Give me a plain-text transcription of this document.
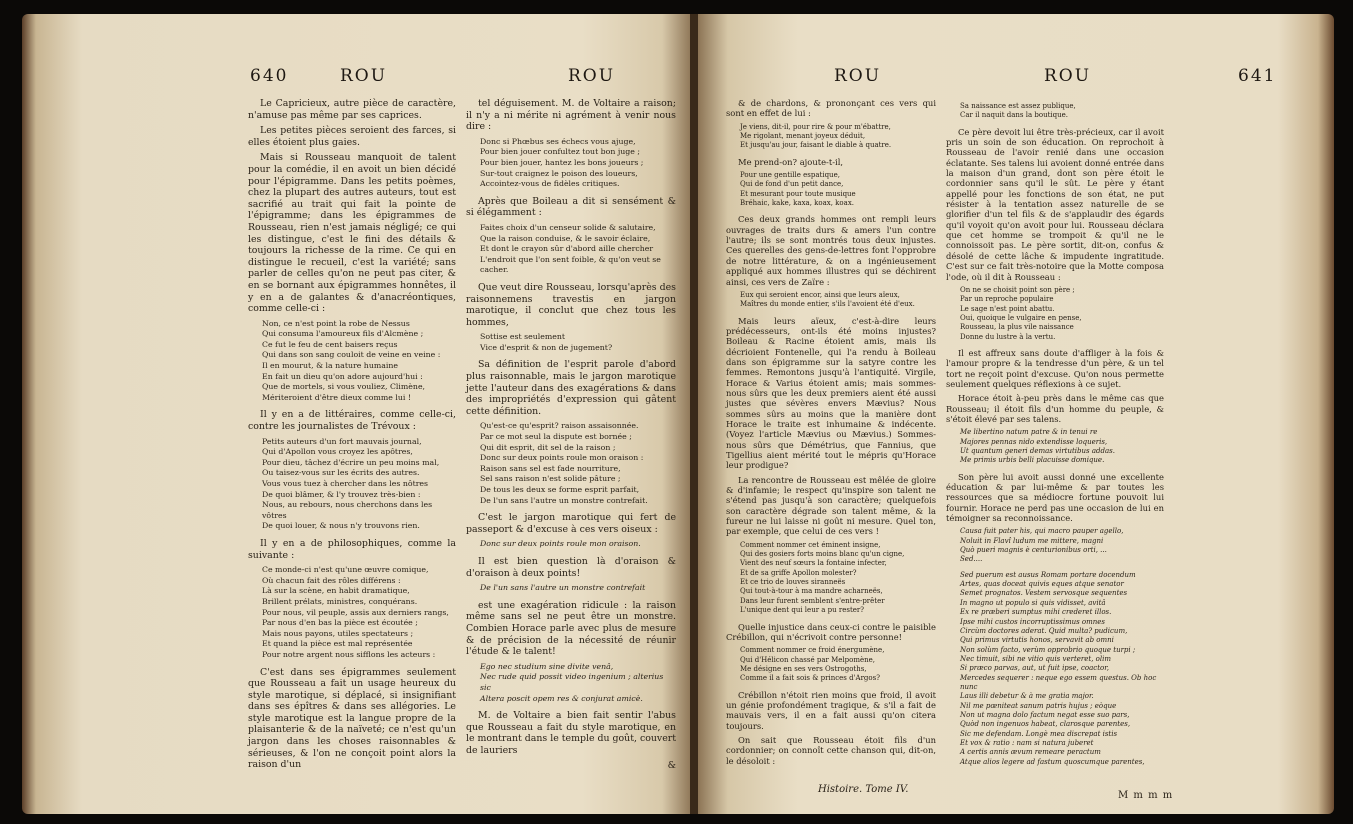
640	ROU	ROU

Le Capricieux, autre pièce de caractère, n'amuse pas même par ses caprices.

Les petites pièces seroient des farces, si elles étoient plus gaies.

Mais si Rousseau manquoit de talent pour la comédie, il en avoit un bien décidé pour l'épigramme. Dans les petits poèmes, chez la plupart des autres auteurs, tout est sacrifié au trait qui fait la pointe de l'épigramme; dans les épigrammes de Rousseau, rien n'est jamais négligé; ce qui les distingue, c'est le fini des détails & toujours la richesse de la rime. Ce qui en distingue le recueil, c'est la variété; sans parler de celles qu'on ne peut pas citer, & en se bornant aux épigrammes honnêtes, il y en a de galantes & d'anacréontiques, comme celle-ci :

Non, ce n'est point la robe de Nessus
Qui consuma l'amoureux fils d'Alcmène ;
Ce fut le feu de cent baisers reçus
Qui dans son sang couloit de veine en veine :
Il en mourut, & la nature humaine
En fait un dieu qu'on adore aujourd'hui :
Que de mortels, si vous vouliez, Climène,
Mériteroient d'être dieux comme lui !

Il y en a de littéraires, comme celle-ci, contre les journalistes de Trévoux :

Petits auteurs d'un fort mauvais journal,
Qui d'Apollon vous croyez les apôtres,
Pour dieu, tâchez d'écrire un peu moins mal,
Ou taisez-vous sur les écrits des autres.
Vous vous tuez à chercher dans les nôtres
De quoi blâmer, & l'y trouvez très-bien :
Nous, au rebours, nous cherchons dans les vôtres
De quoi louer, & nous n'y trouvons rien.

Il y en a de philosophiques, comme la suivante :

Ce monde-ci n'est qu'une œuvre comique,
Où chacun fait des rôles différens :
Là sur la scène, en habit dramatique,
Brillent prélats, ministres, conquérans.
Pour nous, vil peuple, assis aux derniers rangs,
Par nous d'en bas la pièce est écoutée ;
Mais nous payons, utiles spectateurs ;
Et quand la pièce est mal représentée
Pour notre argent nous sifflons les acteurs :

C'est dans ses épigrammes seulement que Rousseau a fait un usage heureux du style marotique, si déplacé, si insignifiant dans ses épîtres & dans ses allégories. Le style marotique est la langue propre de la plaisanterie & de la naïveté; ce n'est qu'un jargon dans les choses raisonnables & sérieuses, & l'on ne conçoit point alors la raison d'un

tel déguisement. M. de Voltaire a raison; il n'y a ni mérite ni agrément à venir nous dire :

Donc si Phœbus ses échecs vous ajuge,
Pour bien jouer confultez tout bon juge ;
Pour bien jouer, hantez les bons joueurs ;
Sur-tout craignez le poison des loueurs,
Accointez-vous de fidèles critiques.

Après que Boileau a dit si sensément & si élégamment :

Faites choix d'un censeur solide & salutaire,
Que la raison conduise, & le savoir éclaire,
Et dont le crayon sûr d'abord aille chercher
L'endroit que l'on sent foible, & qu'on veut se cacher.

Que veut dire Rousseau, lorsqu'après des raisonnemens travestis en jargon marotique, il conclut que chez tous les hommes,

Sottise est seulement
Vice d'esprit & non de jugement?

Sa définition de l'esprit parole d'abord plus raisonnable, mais le jargon marotique jette l'auteur dans des exagérations & dans des impropriétés d'expression qui gâtent cette définition.

Qu'est-ce qu'esprit? raison assaisonnée.
Par ce mot seul la dispute est bornée ;
Qui dit esprit, dit sel de la raison ;
Donc sur deux points roule mon oraison :
Raison sans sel est fade nourriture,
Sel sans raison n'est solide pâture ;
De tous les deux se forme esprit parfait,
De l'un sans l'autre un monstre contrefait.

C'est le jargon marotique qui fert de passeport & d'excuse à ces vers oiseux :

Donc sur deux points roule mon oraison.

Il est bien question là d'oraison & d'oraison à deux points!

De l'un sans l'autre un monstre contrefait

est une exagération ridicule : la raison même sans sel ne peut être un monstre. Combien Horace parle avec plus de mesure & de précision de la nécessité de réunir l'étude & le talent!

Ego nec studium sine divite venâ,
Nec rude quid possit video ingenium ; alterius sic
Altera poscit opem res & conjurat amicè.

M. de Voltaire a bien fait sentir l'abus que Rousseau a fait du style marotique, en le montrant dans le temple du goût, couvert de lauriers

&
ROU	ROU	641

& de chardons, & prononçant ces vers qui sont en effet de lui :

Je viens, dit-il, pour rire & pour m'ébattre,
Me rigolant, menant joyeux déduit,
Et jusqu'au jour, faisant le diable à quatre.

Me prend-on? ajoute-t-il,

Pour une gentille espatique,
Qui de fond d'un petit dance,
Et mesurant pour toute musique
Bréhaic, kake, kaxa, koax, koax.

Ces deux grands hommes ont rempli leurs ouvrages de traits durs & amers l'un contre l'autre; ils se sont montrés tous deux injustes. Ces querelles des gens-de-lettres font l'opprobre de notre littérature, & on a ingénieusement appliqué aux hommes illustres qui se déchirent ainsi, ces vers de Zaïre :

Eux qui seroient encor, ainsi que leurs aïeux,
Maîtres du monde entier, s'ils l'avoient été d'eux.

Mais leurs aïeux, c'est-à-dire leurs prédécesseurs, ont-ils été moins injustes? Boileau & Racine étoient amis, mais ils décrioient Fontenelle, qui l'a rendu à Boileau dans son épigramme sur la satyre contre les femmes. Remontons jusqu'à l'antiquité. Virgile, Horace & Varius étoient amis; mais sommes-nous sûrs que les deux premiers aient été aussi justes que sévères envers Mævius? Nous sommes sûrs au moins que la manière dont Horace le traite est inhumaine & indécente. (Voyez l'article Mævius ou Mævius.) Sommes-nous sûrs que Démétrius, que Fannius, que Tigellius aient mérité tout le mépris qu'Horace leur prodigue?

La rencontre de Rousseau est mêlée de gloire & d'infamie; le respect qu'inspire son talent ne s'étend pas jusqu'à son caractère; quelquefois son caractère dégrade son talent même, & la fureur ne lui laisse ni goût ni mesure. Quel ton, par exemple, que celui de ces vers !

Comment nommer cet éminent insigne,
Qui des gosiers forts moins blanc qu'un cigne,
Vient des neuf sœurs la fontaine infecter,
Et de sa griffe Apollon molester?
Et ce trio de louves siranneës
Qui tout-à-tour à ma mandre acharneës,
Dans leur furent semblent s'entre-prêter
L'unique dent qui leur a pu rester?

Quelle injustice dans ceux-ci contre le paisible Crébillon, qui n'écrivoit contre personne!

Comment nommer ce froid énergumène,
Qui d'Hélicon chassé par Melpomène,
Me désigne en ses vers Ostrogoths,
Comme il a fait sois & princes d'Argos?

Crébillon n'étoit rien moins que froid, il avoit un génie profondément tragique, & s'il a fait de mauvais vers, il en a fait aussi qu'on citera toujours.

On sait que Rousseau étoit fils d'un cordonnier; on connoît cette chanson qui, dit-on, le désoloit :

Histoire. Tome IV.
Sa naissance est assez publique,
Car il naquit dans la boutique.

Ce père devoit lui être très-précieux, car il avoit pris un soin de son éducation. On reprochoit à Rousseau de l'avoir renié dans une occasion éclatante. Ses talens lui avoient donné entrée dans la maison d'un grand, dont son père étoit le cordonnier sans qu'il le sût. Le père y étant appellé pour les fonctions de son état, ne put résister à la tentation assez naturelle de se glorifier d'un tel fils & de s'applaudir des égards qu'il voyoit qu'on avoit pour lui. Rousseau déclara que cet homme se trompoit & qu'il ne le connoissoit pas. Le père sortit, dit-on, confus & désolé de cette lâche & impudente ingratitude. C'est sur ce fait très-notoire que la Motte composa l'ode, où il dit à Rousseau :

On ne se choisit point son père ;
Par un reproche populaire
Le sage n'est point abattu.
Oui, quoique le vulgaire en pense,
Rousseau, la plus vile naissance
Donne du lustre à la vertu.

Il est affreux sans doute d'affliger à la fois & l'amour propre & la tendresse d'un père, & un tel tort ne reçoit point d'excuse. Qu'on nous permette seulement quelques réflexions à ce sujet.

Horace étoit à-peu près dans le même cas que Rousseau; il étoit fils d'un homme du peuple, & s'étoit élevé par ses talens.

Me libertino natum patre & in tenui re
Majores pennas nido extendisse loqueris,
Ut quantum generi demas virtutibus addas.
Me primis urbis belli placuisse domique.

Son père lui avoit aussi donné une excellente éducation & par lui-même & par toutes les ressources que sa médiocre fortune pouvoit lui fournir. Horace ne perd pas une occasion de lui en témoigner sa reconnoissance.

Causa fuit pater his, qui macro pauper agello,
Noluit in Flavî ludum me mittere, magni
Quò pueri magnis è centurionibus orti, ...
Sed....
Sed puerum est ausus Romam portare docendum
Artes, quas doceat quivis eques atque senator
Semet prognatos. Vestem servosque sequentes
In magno ut populo si quis vidisset, avitâ
Ex re præberi sumptus mihi crederet illos.
Ipse mihi custos incorruptissimus omnes
Circùm doctores aderat. Quid multa? pudicum,
Qui primus virtutis honos, servavit ab omni
Non solùm facto, verùm opprobrio quoque turpi ;
Nec timuit, sibi ne vitio quis verteret, olim
Si præco parvas, aut, ut fuit ipse, coactor,
Mercedes sequerer : neque ego essem questus. Ob hoc nunc
Laus illi debetur & à me gratia major.
Nil me pœniteat sanum patris hujus ; eòque
Non ut magna dolo factum negat esse suo pars,
Quòd non ingenuos habeat, clarosque parentes,
Sic me defendam. Longè mea discrepat istis
Et vox & ratio : nam si natura juberet
A certis annis ævum remeare peractum
Atque alios legere ad fastum quoscumque parentes,
M m m m
